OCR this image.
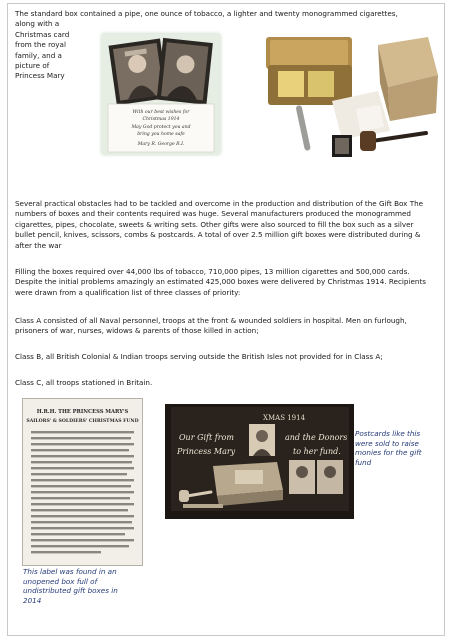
The standard box contained a pipe, one ounce of tobacco, a lighter and twenty monogrammed cigarettes,
along with a
Christmas card
from the royal
family, and a
picture of
Princess Mary
With our best wishes for
Christmas 1914
May God protect you and
bring you home safe
Mary R. George R.I.
Several practical obstacles had to be tackled and overcome in the production and distribution of the Gift Box The numbers of boxes and their contents required was huge. Several manufacturers produced the monogrammed cigarettes, pipes, chocolate, sweets & writing sets. Other gifts were also sourced to fill the box such as a silver bullet pencil, knives, scissors, combs & postcards. A total of over 2.5 million gift boxes were distributed during & after the war
Filling the boxes required over 44,000 lbs of tobacco, 710,000 pipes, 13 million cigarettes and 500,000 cards. Despite the initial problems amazingly an estimated 425,000 boxes were delivered by Christmas 1914. Recipients were drawn from a qualification list of three classes of priority:
Class A consisted of all Naval personnel, troops at the front & wounded soldiers in hospital. Men on furlough, prisoners of war, nurses, widows & parents of those killed in action;
Class B, all British Colonial & Indian troops serving outside the British Isles not provided for in Class A;
Class C, all troops stationed in Britain.
H.R.H. THE PRINCESS MARY'S
SAILORS' & SOLDIERS' CHRISTMAS FUND	XMAS 1914
Our Gift from
Princess Mary
and the Donors
to her fund.
Postcards like this
were sold to raise
monies for the gift
fund
This label was found in an
unopened box full of
undistributed gift boxes in
2014
